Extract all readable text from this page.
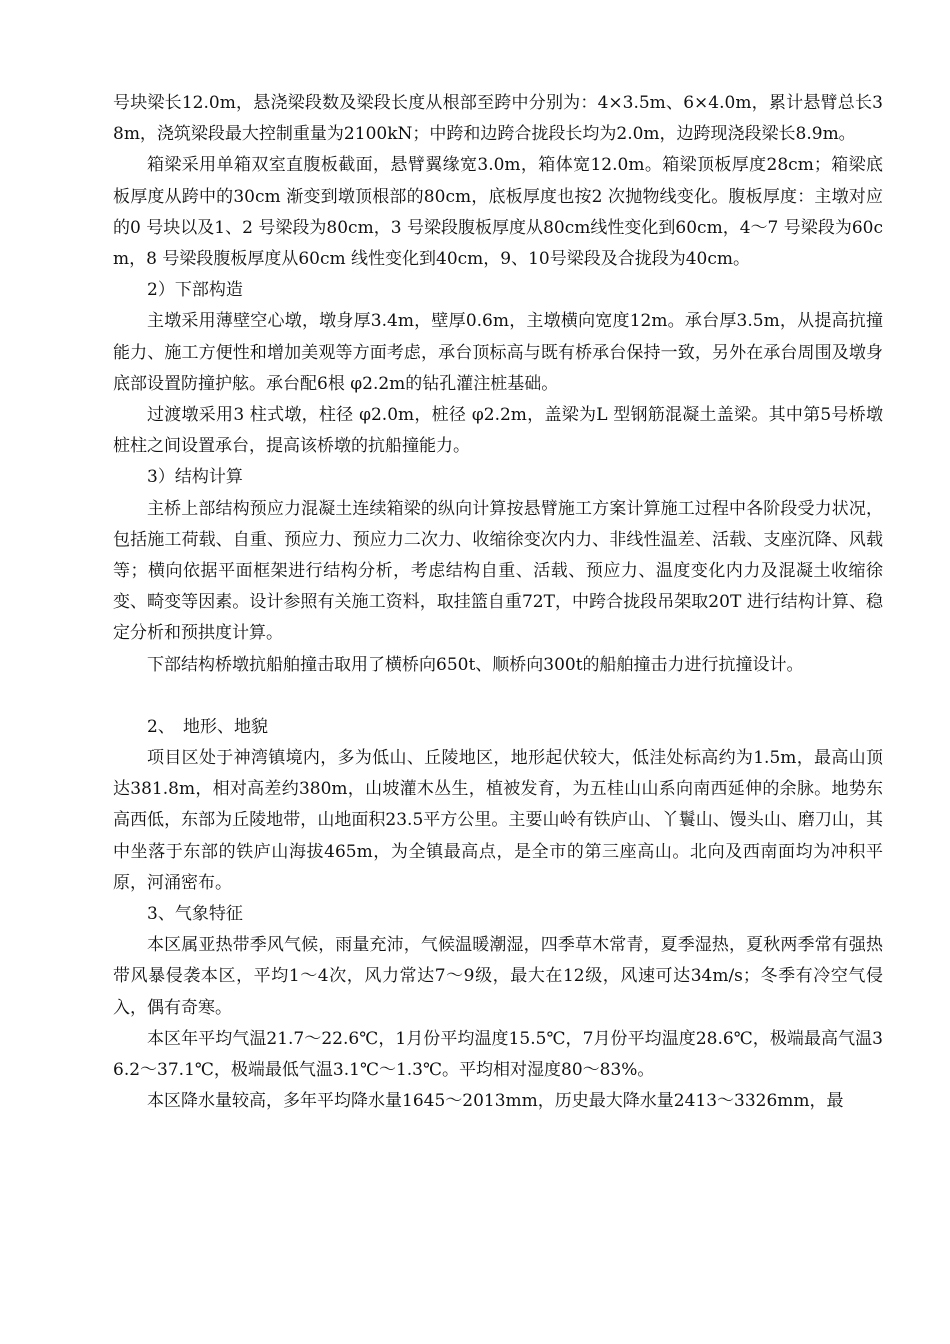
号块梁长12.0m，悬浇梁段数及梁段长度从根部至跨中分别为：4×3.5m、6×4.0m，累计悬臂总长38m，浇筑梁段最大控制重量为2100kN；中跨和边跨合拢段长均为2.0m，边跨现浇段梁长8.9m。

箱梁采用单箱双室直腹板截面，悬臂翼缘宽3.0m，箱体宽12.0m。箱梁顶板厚度28cm；箱梁底板厚度从跨中的30cm 渐变到墩顶根部的80cm，底板厚度也按2 次抛物线变化。腹板厚度：主墩对应的0 号块以及1、2 号梁段为80cm，3 号梁段腹板厚度从80cm线性变化到60cm，4～7 号梁段为60cm，8 号梁段腹板厚度从60cm 线性变化到40cm，9、10号梁段及合拢段为40cm。

2）下部构造

主墩采用薄壁空心墩，墩身厚3.4m，壁厚0.6m，主墩横向宽度12m。承台厚3.5m，从提高抗撞能力、施工方便性和增加美观等方面考虑，承台顶标高与既有桥承台保持一致，另外在承台周围及墩身底部设置防撞护舷。承台配6根 φ2.2m的钻孔灌注桩基础。

过渡墩采用3 柱式墩，柱径 φ2.0m，桩径 φ2.2m，盖梁为L 型钢筋混凝土盖梁。其中第5号桥墩桩柱之间设置承台，提高该桥墩的抗船撞能力。

3）结构计算

主桥上部结构预应力混凝土连续箱梁的纵向计算按悬臂施工方案计算施工过程中各阶段受力状况，包括施工荷载、自重、预应力、预应力二次力、收缩徐变次内力、非线性温差、活载、支座沉降、风载等；横向依据平面框架进行结构分析，考虑结构自重、活载、预应力、温度变化内力及混凝土收缩徐变、畸变等因素。设计参照有关施工资料，取挂篮自重72T，中跨合拢段吊架取20T 进行结构计算、稳定分析和预拱度计算。

下部结构桥墩抗船舶撞击取用了横桥向650t、顺桥向300t的船舶撞击力进行抗撞设计。

2、 地形、地貌

项目区处于神湾镇境内，多为低山、丘陵地区，地形起伏较大，低洼处标高约为1.5m，最高山顶达381.8m，相对高差约380m，山坡灌木丛生，植被发育，为五桂山山系向南西延伸的余脉。地势东高西低，东部为丘陵地带，山地面积23.5平方公里。主要山岭有铁庐山、丫鬟山、馒头山、磨刀山，其中坐落于东部的铁庐山海拔465m，为全镇最高点，是全市的第三座高山。北向及西南面均为冲积平原，河涌密布。

3、气象特征

本区属亚热带季风气候，雨量充沛，气候温暖潮湿，四季草木常青，夏季湿热，夏秋两季常有强热带风暴侵袭本区，平均1～4次，风力常达7～9级，最大在12级，风速可达34m/s；冬季有冷空气侵入，偶有奇寒。

本区年平均气温21.7～22.6℃，1月份平均温度15.5℃，7月份平均温度28.6℃，极端最高气温36.2～37.1℃，极端最低气温3.1℃～1.3℃。平均相对湿度80～83%。

本区降水量较高，多年平均降水量1645～2013mm，历史最大降水量2413～3326mm，最
